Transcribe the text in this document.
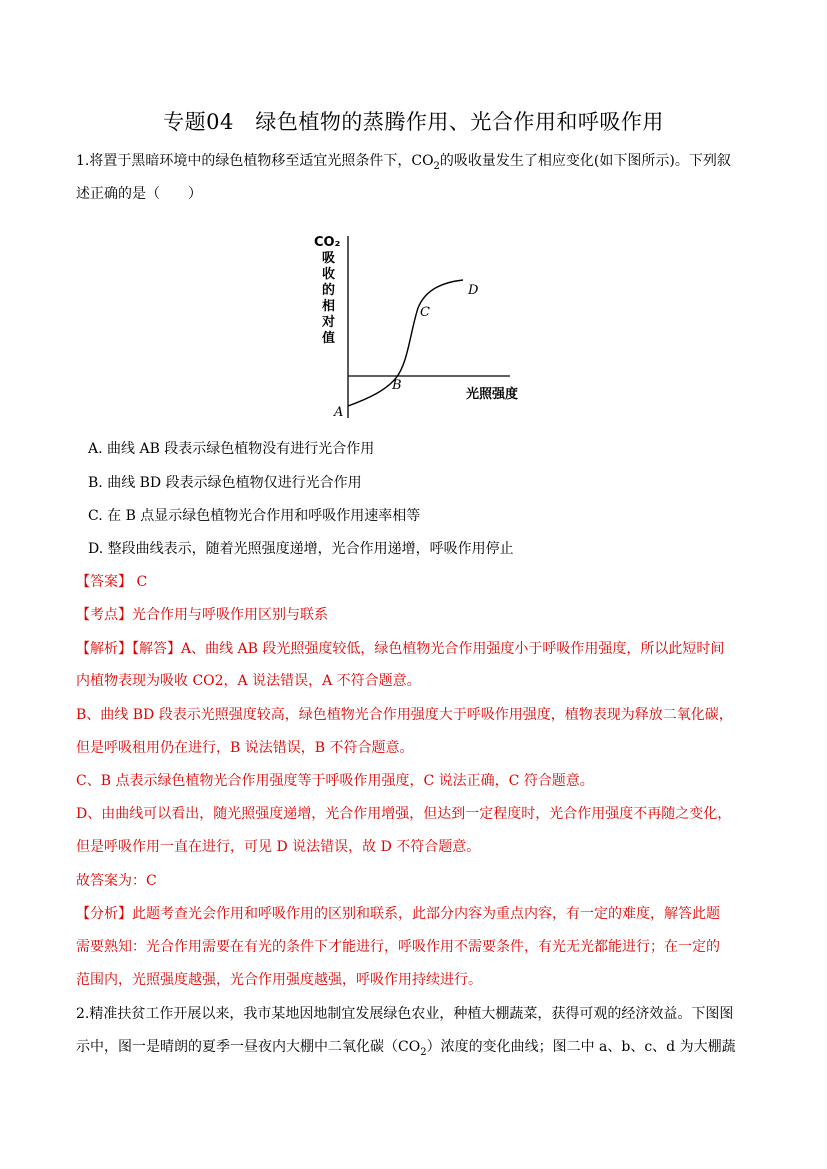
专题04　绿色植物的蒸腾作用、光合作用和呼吸作用
1.将置于黑暗环境中的绿色植物移至适宜光照条件下，$CO_2$的吸收量发生了相应变化(如下图所示)。下列叙
述正确的是（　　）
CO₂
吸
收
的
相
对
值
A
B
C
D
光照强度
A. 曲线 AB 段表示绿色植物没有进行光合作用
B. 曲线 BD 段表示绿色植物仅进行光合作用
C. 在 B 点显示绿色植物光合作用和呼吸作用速率相等
D. 整段曲线表示，随着光照强度递增，光合作用递增，呼吸作用停止
【答案】 C
【考点】光合作用与呼吸作用区别与联系
【解析】【解答】A、曲线 AB 段光照强度较低，绿色植物光合作用强度小于呼吸作用强度，所以此短时间
内植物表现为吸收 CO2，A 说法错误，A 不符合题意。
B、曲线 BD 段表示光照强度较高，绿色植物光合作用强度大于呼吸作用强度，植物表现为释放二氧化碳，
但是呼吸租用仍在进行，B 说法错误，B 不符合题意。
C、B 点表示绿色植物光合作用强度等于呼吸作用强度，C 说法正确，C 符合题意。
D、由曲线可以看出，随光照强度递增，光合作用增强，但达到一定程度时，光合作用强度不再随之变化，
但是呼吸作用一直在进行，可见 D 说法错误，故 D 不符合题意。
故答案为：C
【分析】此题考查光会作用和呼吸作用的区别和联系，此部分内容为重点内容，有一定的难度，解答此题
需要熟知：光合作用需要在有光的条件下才能进行，呼吸作用不需要条件，有光无光都能进行；在一定的
范围内，光照强度越强，光合作用强度越强，呼吸作用持续进行。
2.精准扶贫工作开展以来，我市某地因地制宜发展绿色农业，种植大棚蔬菜，获得可观的经济效益。下图图
示中，图一是晴朗的夏季一昼夜内大棚中二氧化碳$(CO_2)$浓度的变化曲线；图二中 a、b、c、d 为大棚蔬
